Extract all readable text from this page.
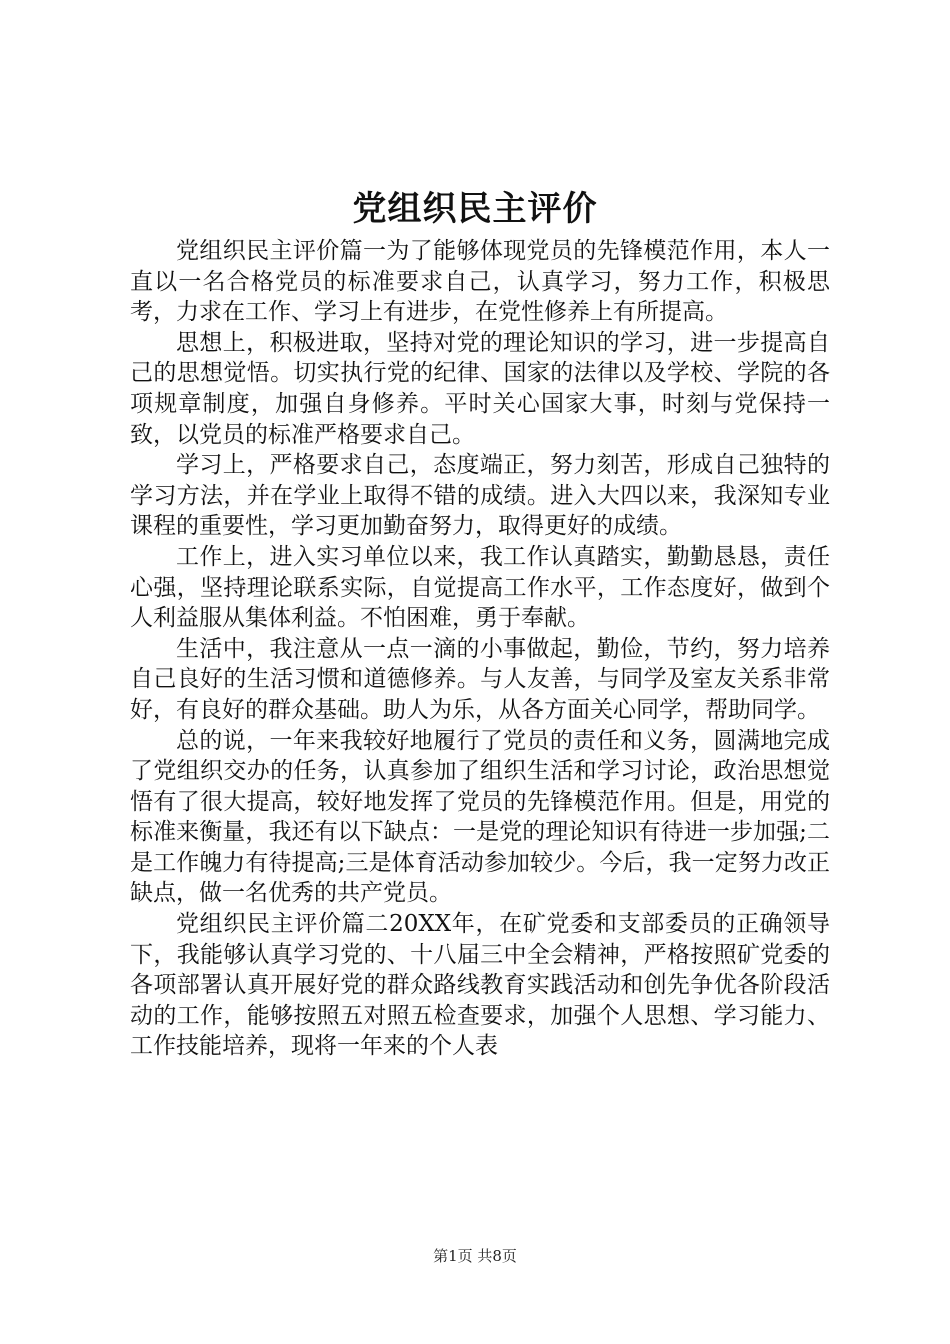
党组织民主评价

党组织民主评价篇一为了能够体现党员的先锋模范作用，本人一直以一名合格党员的标准要求自己，认真学习，努力工作，积极思考，力求在工作、学习上有进步，在党性修养上有所提高。

思想上，积极进取，坚持对党的理论知识的学习，进一步提高自己的思想觉悟。切实执行党的纪律、国家的法律以及学校、学院的各项规章制度，加强自身修养。平时关心国家大事，时刻与党保持一致，以党员的标准严格要求自己。

学习上，严格要求自己，态度端正，努力刻苦，形成自己独特的学习方法，并在学业上取得不错的成绩。进入大四以来，我深知专业课程的重要性，学习更加勤奋努力，取得更好的成绩。

工作上，进入实习单位以来，我工作认真踏实，勤勤恳恳，责任心强，坚持理论联系实际，自觉提高工作水平，工作态度好，做到个人利益服从集体利益。不怕困难，勇于奉献。

生活中，我注意从一点一滴的小事做起，勤俭，节约，努力培养自己良好的生活习惯和道德修养。与人友善，与同学及室友关系非常好，有良好的群众基础。助人为乐，从各方面关心同学，帮助同学。

总的说，一年来我较好地履行了党员的责任和义务，圆满地完成了党组织交办的任务，认真参加了组织生活和学习讨论，政治思想觉悟有了很大提高，较好地发挥了党员的先锋模范作用。但是，用党的标准来衡量，我还有以下缺点：一是党的理论知识有待进一步加强;二是工作魄力有待提高;三是体育活动参加较少。今后，我一定努力改正缺点，做一名优秀的共产党员。

党组织民主评价篇二20XX年，在矿党委和支部委员的正确领导下，我能够认真学习党的、十八届三中全会精神，严格按照矿党委的各项部署认真开展好党的群众路线教育实践活动和创先争优各阶段活动的工作，能够按照五对照五检查要求，加强个人思想、学习能力、工作技能培养，现将一年来的个人表

第1页 共8页
